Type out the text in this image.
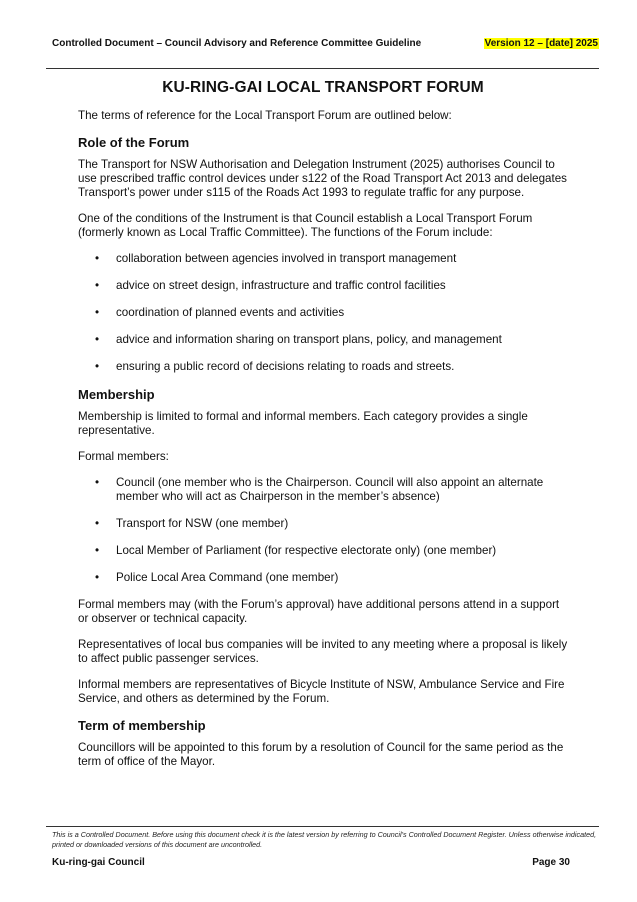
Controlled Document – Council Advisory and Reference Committee Guideline	Version 12 – [date] 2025
KU-RING-GAI LOCAL TRANSPORT FORUM

The terms of reference for the Local Transport Forum are outlined below:

Role of the Forum

The Transport for NSW Authorisation and Delegation Instrument (2025) authorises Council to use prescribed traffic control devices under s122 of the Road Transport Act 2013 and delegates Transport’s power under s115 of the Roads Act 1993 to regulate traffic for any purpose.

One of the conditions of the Instrument is that Council establish a Local Transport Forum (formerly known as Local Traffic Committee). The functions of the Forum include:

• collaboration between agencies involved in transport management
• advice on street design, infrastructure and traffic control facilities
• coordination of planned events and activities
• advice and information sharing on transport plans, policy, and management
• ensuring a public record of decisions relating to roads and streets.
Membership

Membership is limited to formal and informal members. Each category provides a single representative.

Formal members:

• Council (one member who is the Chairperson. Council will also appoint an alternate member who will act as Chairperson in the member’s absence)
• Transport for NSW (one member)
• Local Member of Parliament (for respective electorate only) (one member)
• Police Local Area Command (one member)

Formal members may (with the Forum’s approval) have additional persons attend in a support or observer or technical capacity.

Representatives of local bus companies will be invited to any meeting where a proposal is likely to affect public passenger services.

Informal members are representatives of Bicycle Institute of NSW, Ambulance Service and Fire Service, and others as determined by the Forum.

Term of membership

Councillors will be appointed to this forum by a resolution of Council for the same period as the term of office of the Mayor.

This is a Controlled Document. Before using this document check it is the latest version by referring to Council’s Controlled Document Register. Unless otherwise indicated, printed or downloaded versions of this document are uncontrolled.
Ku-ring-gai Council	Page 30
